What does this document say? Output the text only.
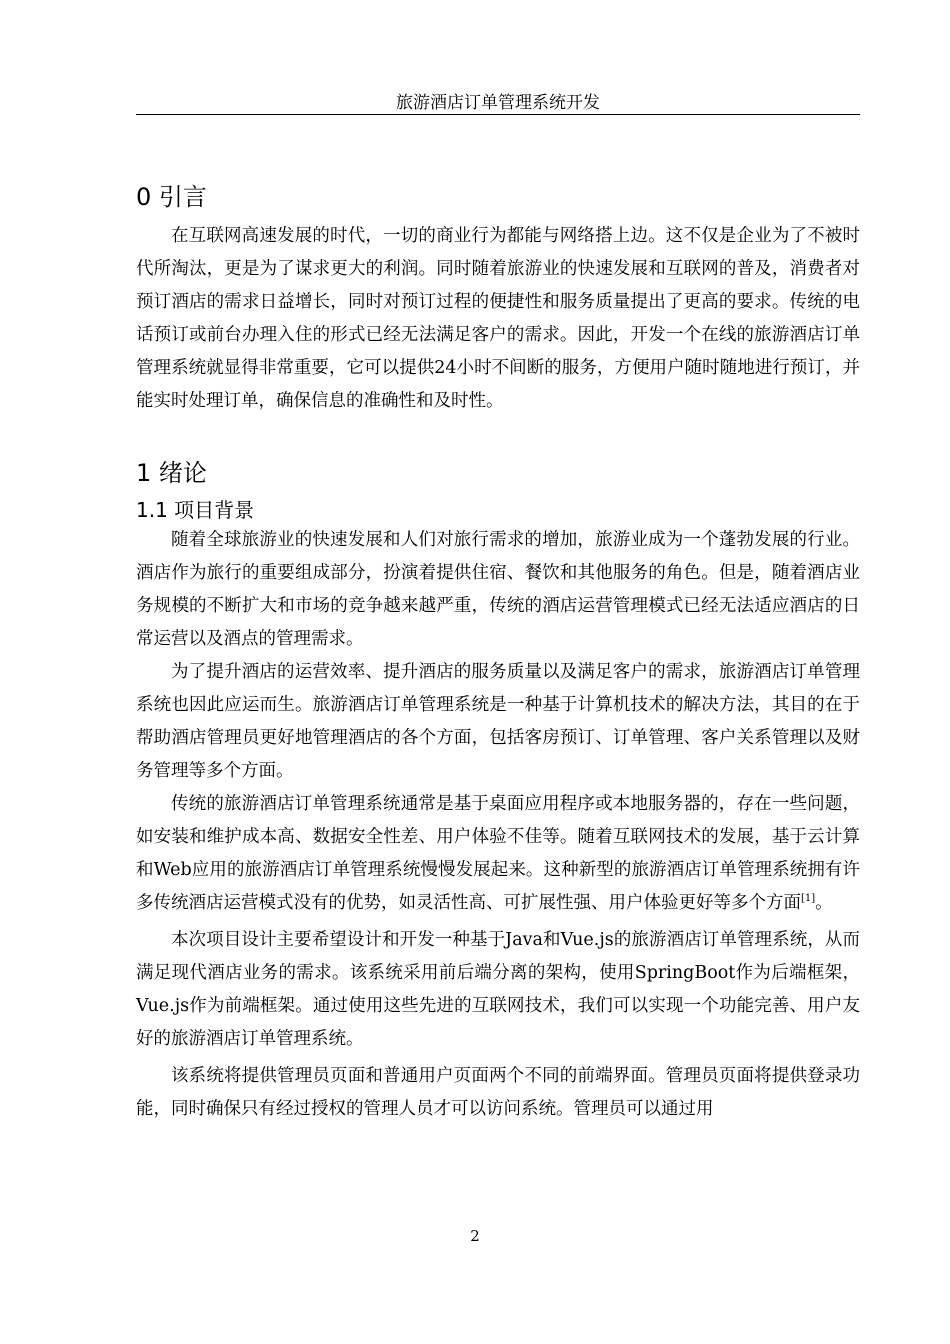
旅游酒店订单管理系统开发
0 引言

在互联网高速发展的时代，一切的商业行为都能与网络搭上边。这不仅是企业为了不被时代所淘汰，更是为了谋求更大的利润。同时随着旅游业的快速发展和互联网的普及，消费者对预订酒店的需求日益增长，同时对预订过程的便捷性和服务质量提出了更高的要求。传统的电话预订或前台办理入住的形式已经无法满足客户的需求。因此，开发一个在线的旅游酒店订单管理系统就显得非常重要，它可以提供24小时不间断的服务，方便用户随时随地进行预订，并能实时处理订单，确保信息的准确性和及时性。

1 绪论
1.1 项目背景

随着全球旅游业的快速发展和人们对旅行需求的增加，旅游业成为一个蓬勃发展的行业。酒店作为旅行的重要组成部分，扮演着提供住宿、餐饮和其他服务的角色。但是，随着酒店业务规模的不断扩大和市场的竞争越来越严重，传统的酒店运营管理模式已经无法适应酒店的日常运营以及酒点的管理需求。

为了提升酒店的运营效率、提升酒店的服务质量以及满足客户的需求，旅游酒店订单管理系统也因此应运而生。旅游酒店订单管理系统是一种基于计算机技术的解决方法，其目的在于帮助酒店管理员更好地管理酒店的各个方面，包括客房预订、订单管理、客户关系管理以及财务管理等多个方面。

传统的旅游酒店订单管理系统通常是基于桌面应用程序或本地服务器的，存在一些问题，如安装和维护成本高、数据安全性差、用户体验不佳等。随着互联网技术的发展，基于云计算和Web应用的旅游酒店订单管理系统慢慢发展起来。这种新型的旅游酒店订单管理系统拥有许多传统酒店运营模式没有的优势，如灵活性高、可扩展性强、用户体验更好等多个方面[1]。

本次项目设计主要希望设计和开发一种基于Java和Vue.js的旅游酒店订单管理系统，从而满足现代酒店业务的需求。该系统采用前后端分离的架构，使用SpringBoot作为后端框架，Vue.js作为前端框架。通过使用这些先进的互联网技术，我们可以实现一个功能完善、用户友好的旅游酒店订单管理系统。

该系统将提供管理员页面和普通用户页面两个不同的前端界面。管理员页面将提供登录功能，同时确保只有经过授权的管理人员才可以访问系统。管理员可以通过用

2
